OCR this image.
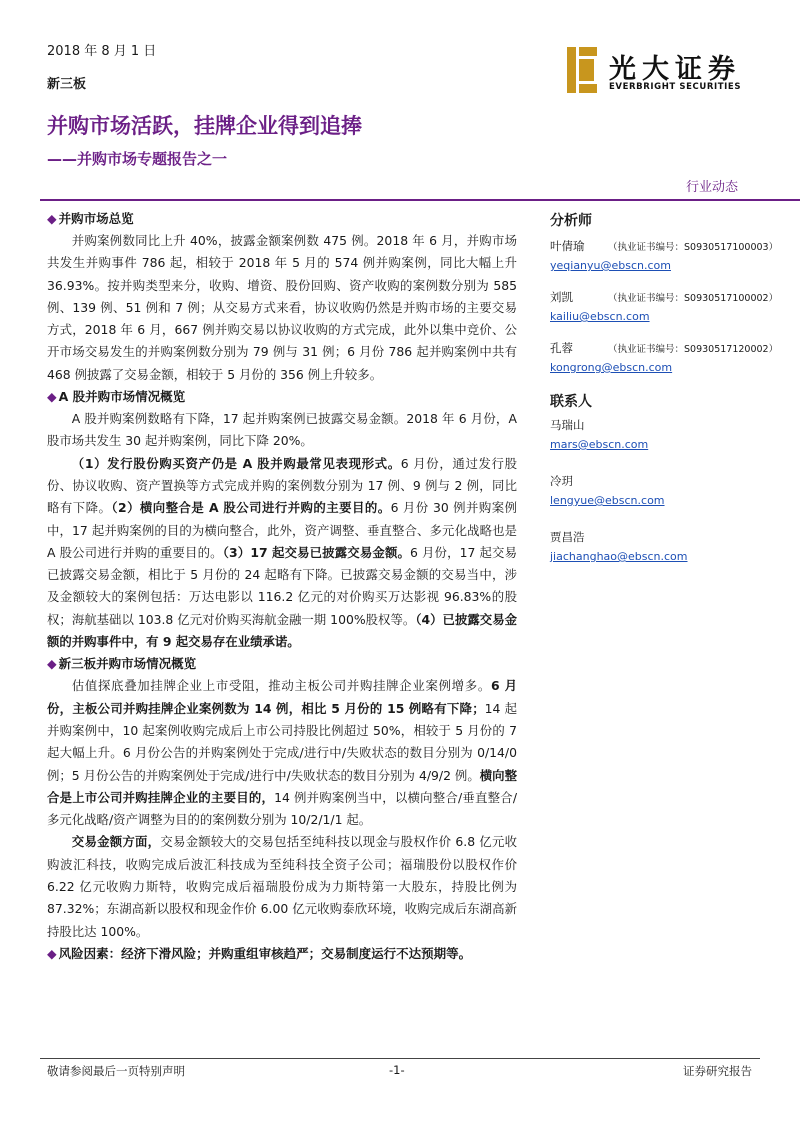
2018 年 8 月 1 日
新三板	光大证券
EVERBRIGHT SECURITIES
并购市场活跃，挂牌企业得到追捧
——并购市场专题报告之一
行业动态
◆ 并购市场总览
并购案例数同比上升 40%，披露金额案例数 475 例。2018 年 6 月，并购市场共发生并购事件 786 起，相较于 2018 年 5 月的 574 例并购案例，同比大幅上升 36.93%。按并购类型来分，收购、增资、股份回购、资产收购的案例数分别为 585 例、139 例、51 例和 7 例；从交易方式来看，协议收购仍然是并购市场的主要交易方式，2018 年 6 月，667 例并购交易以协议收购的方式完成，此外以集中竞价、公开市场交易发生的并购案例数分别为 79 例与 31 例；6 月份 786 起并购案例中共有 468 例披露了交易金额，相较于 5 月份的 356 例上升较多。
◆ A 股并购市场情况概览
A 股并购案例数略有下降，17 起并购案例已披露交易金额。2018 年 6 月份，A 股市场共发生 30 起并购案例，同比下降 20%。
（1）发行股份购买资产仍是 A 股并购最常见表现形式。6 月份，通过发行股份、协议收购、资产置换等方式完成并购的案例数分别为 17 例、9 例与 2 例，同比略有下降。（2）横向整合是 A 股公司进行并购的主要目的。6 月份 30 例并购案例中，17 起并购案例的目的为横向整合，此外，资产调整、垂直整合、多元化战略也是 A 股公司进行并购的重要目的。（3）17 起交易已披露交易金额。6 月份，17 起交易已披露交易金额，相比于 5 月份的 24 起略有下降。已披露交易金额的交易当中，涉及金额较大的案例包括：万达电影以 116.2 亿元的对价购买万达影视 96.83%的股权；海航基础以 103.8 亿元对价购买海航金融一期 100%股权等。（4）已披露交易金额的并购事件中，有 9 起交易存在业绩承诺。
◆ 新三板并购市场情况概览
估值探底叠加挂牌企业上市受阻，推动主板公司并购挂牌企业案例增多。6 月份，主板公司并购挂牌企业案例数为 14 例，相比 5 月份的 15 例略有下降；14 起并购案例中，10 起案例收购完成后上市公司持股比例超过 50%，相较于 5 月份的 7 起大幅上升。6 月份公告的并购案例处于完成/进行中/失败状态的数目分别为 0/14/0 例；5 月份公告的并购案例处于完成/进行中/失败状态的数目分别为 4/9/2 例。横向整合是上市公司并购挂牌企业的主要目的，14 例并购案例当中，以横向整合/垂直整合/多元化战略/资产调整为目的的案例数分别为 10/2/1/1 起。
交易金额方面，交易金额较大的交易包括至纯科技以现金与股权作价 6.8 亿元收购波汇科技，收购完成后波汇科技成为至纯科技全资子公司；福瑞股份以股权作价 6.22 亿元收购力斯特，收购完成后福瑞股份成为力斯特第一大股东，持股比例为 87.32%；东湖高新以股权和现金作价 6.00 亿元收购泰欣环境，收购完成后东湖高新持股比达 100%。
◆ 风险因素：经济下滑风险；并购重组审核趋严；交易制度运行不达预期等。
分析师
叶倩瑜 （执业证书编号：S0930517100003）
yeqianyu@ebscn.com
刘凯	（执业证书编号：S0930517100002）
kailiu@ebscn.com
孔蓉	（执业证书编号：S0930517120002）
kongrong@ebscn.com
联系人
马瑞山
mars@ebscn.com
冷玥
lengyue@ebscn.com
贾昌浩
jiachanghao@ebscn.com
敬请参阅最后一页特别声明	-1-	证券研究报告
